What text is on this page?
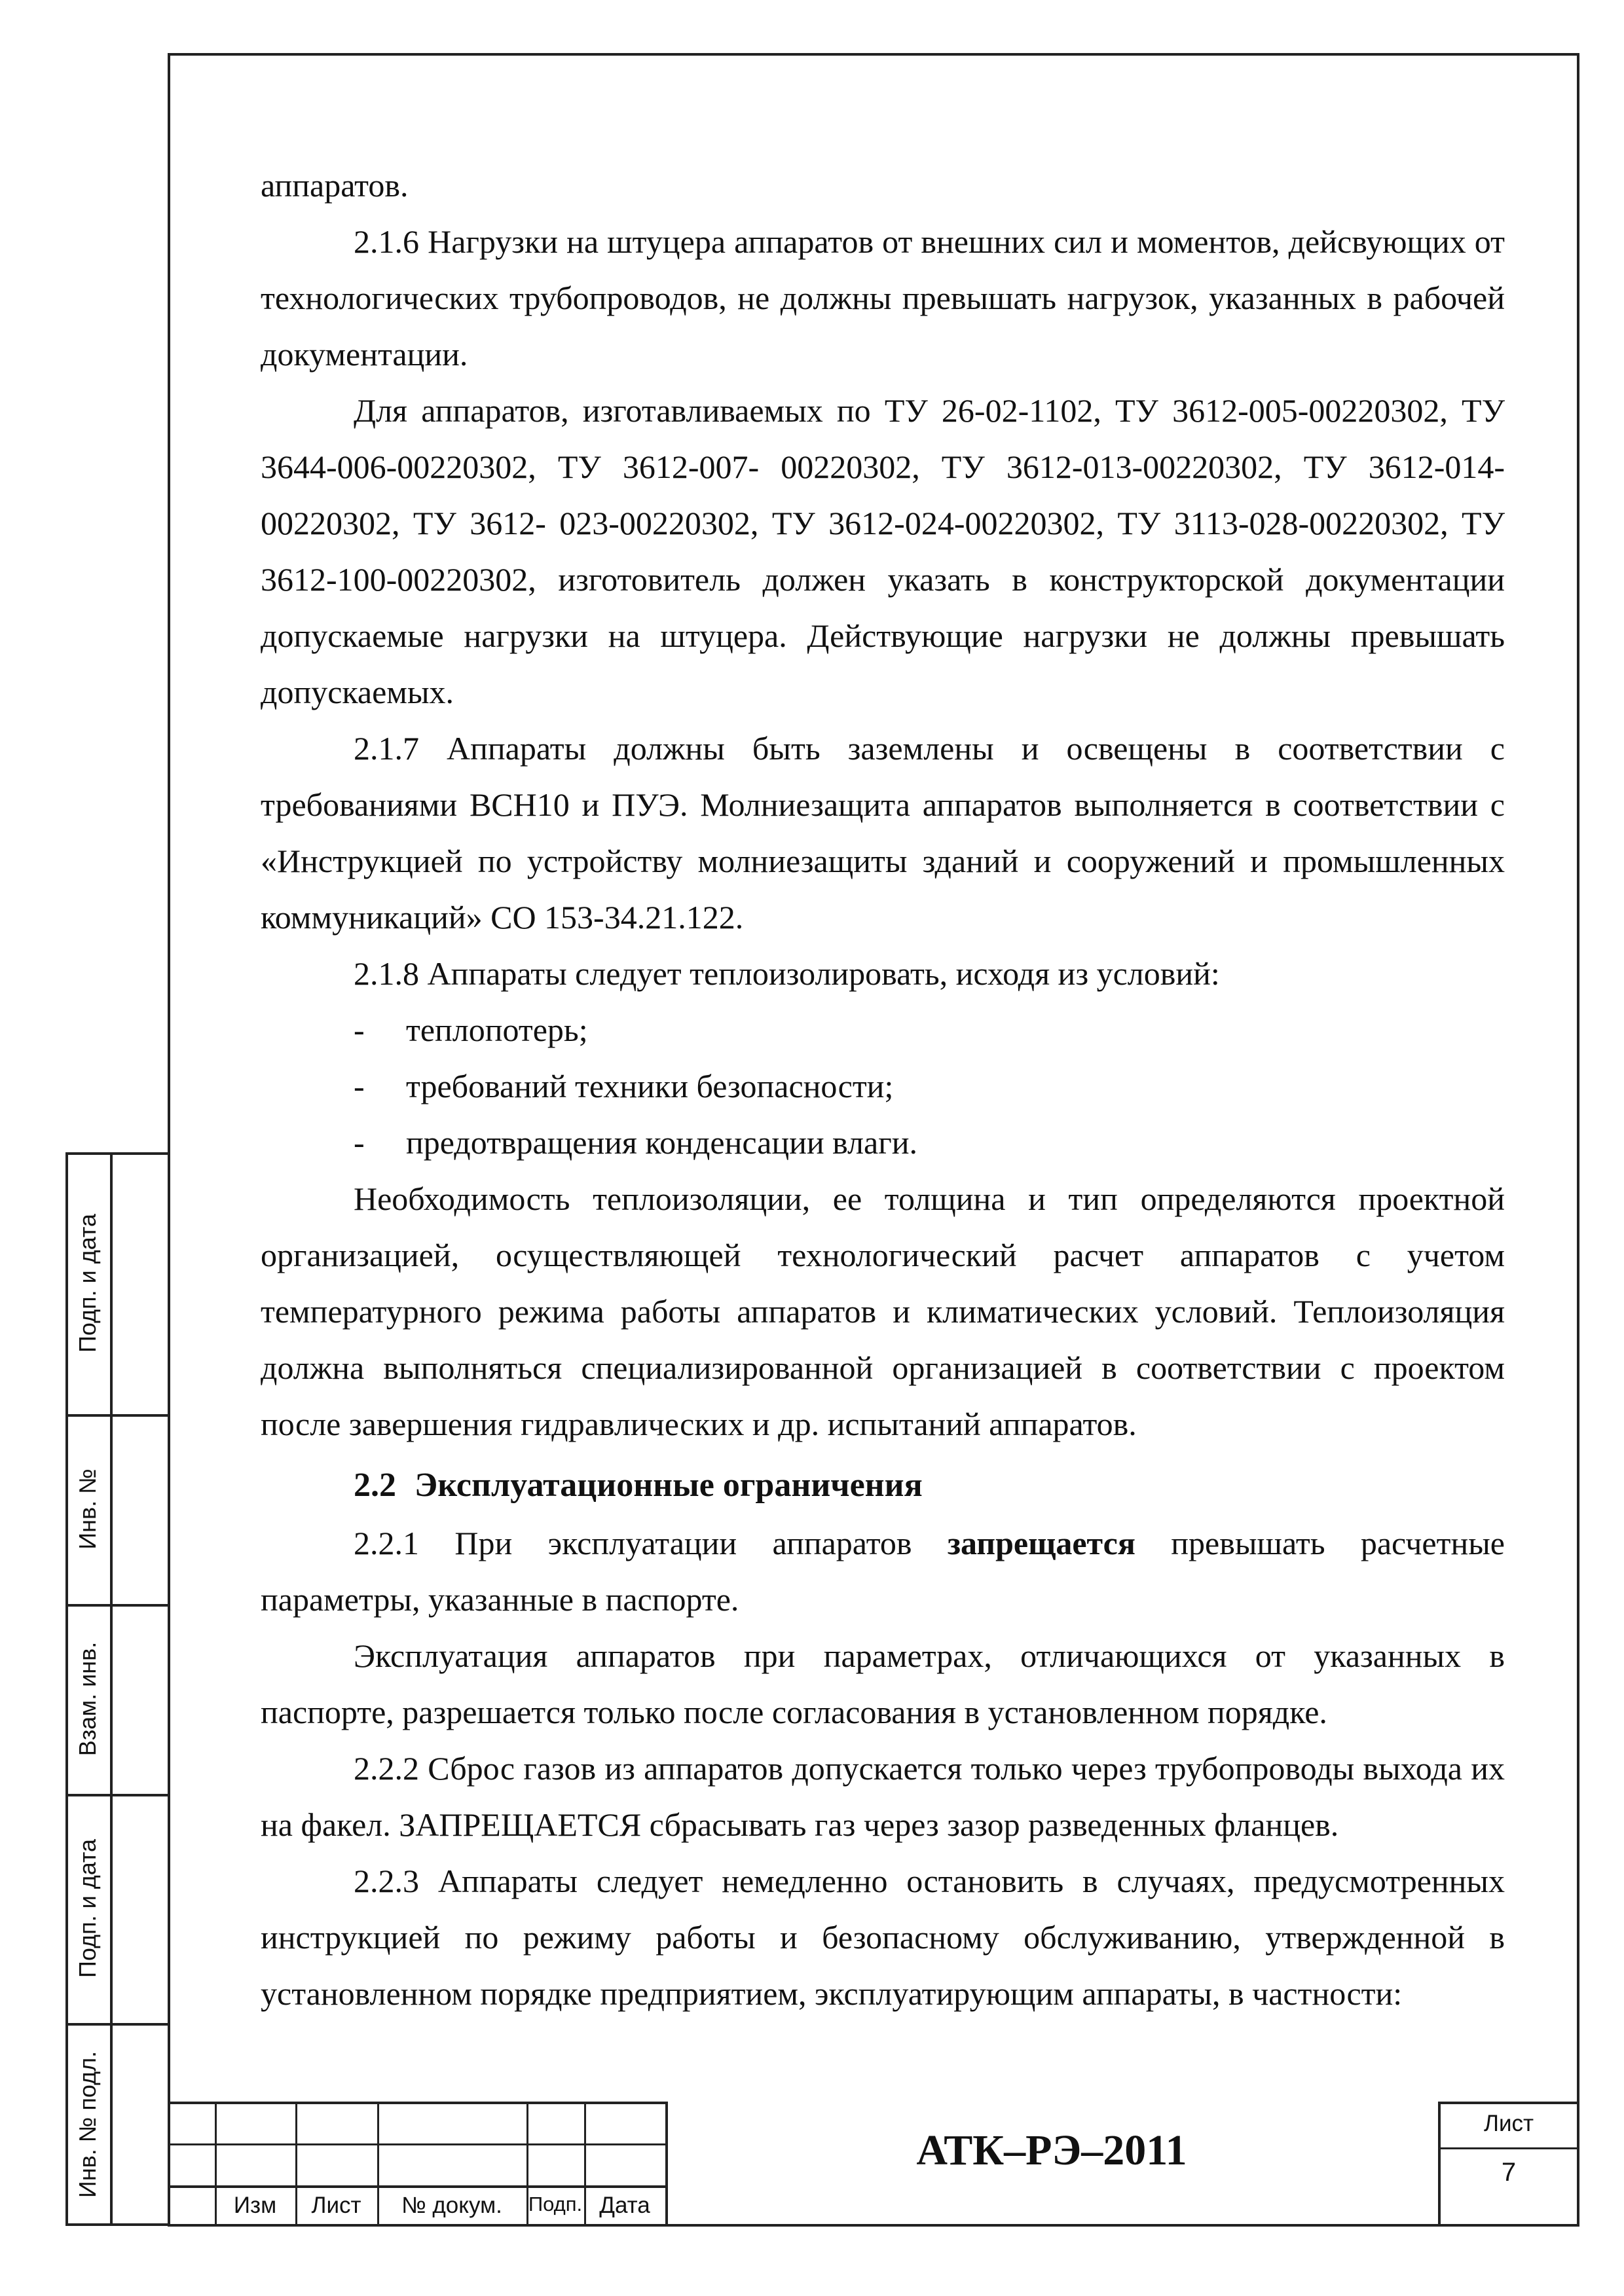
аппаратов.

2.1.6 Нагрузки на штуцера аппаратов от внешних сил и моментов, дейсвующих от технологических трубопроводов, не должны превышать нагрузок, указанных в рабочей документации.

Для аппаратов, изготавливаемых по ТУ 26-02-1102, ТУ 3612-005-00220302, ТУ 3644-006-00220302, ТУ 3612-007- 00220302, ТУ 3612-013-00220302, ТУ 3612-014-00220302, ТУ 3612- 023-00220302, ТУ 3612-024-00220302, ТУ 3113-028-00220302, ТУ 3612-100-00220302, изготовитель должен указать в конструкторской документации допускаемые нагрузки на штуцера. Действующие нагрузки не должны превышать допускаемых.

2.1.7 Аппараты должны быть заземлены и освещены в соответствии с требованиями ВСН10 и ПУЭ. Молниезащита аппаратов выполняется в соответствии с «Инструкцией по устройству молниезащиты зданий и сооружений и промышленных коммуникаций» СО 153-34.21.122.

2.1.8 Аппараты следует теплоизолировать, исходя из условий:

- теплопотерь;

- требований техники безопасности;

- предотвращения конденсации влаги.

Необходимость теплоизоляции, ее толщина и тип определяются проектной организацией, осуществляющей технологический расчет аппаратов с учетом температурного режима работы аппаратов и климатических условий. Теплоизоляция должна выполняться специализированной организацией в соответствии с проектом после завершения гидравлических и др. испытаний аппаратов.

2.2 Эксплуатационные ограничения

2.2.1 При эксплуатации аппаратов запрещается превышать расчетные параметры, указанные в паспорте.

Эксплуатация аппаратов при параметрах, отличающихся от указанных в паспорте, разрешается только после согласования в установленном порядке.

2.2.2 Сброс газов из аппаратов допускается только через трубопроводы выхода их на факел. ЗАПРЕЩАЕТСЯ сбрасывать газ через зазор разведенных фланцев.

2.2.3 Аппараты следует немедленно остановить в случаях, предусмотренных инструкцией по режиму работы и безопасному обслуживанию, утвержденной в установленном порядке предприятием, эксплуатирующим аппараты, в частности:

Подп. и дата
Инв. №
Взам. инв.
Подп. и дата
Инв. № подл.
Изм	Лист	№ докум.	Подп. Дата
АТК–РЭ–2011
Лист
7
